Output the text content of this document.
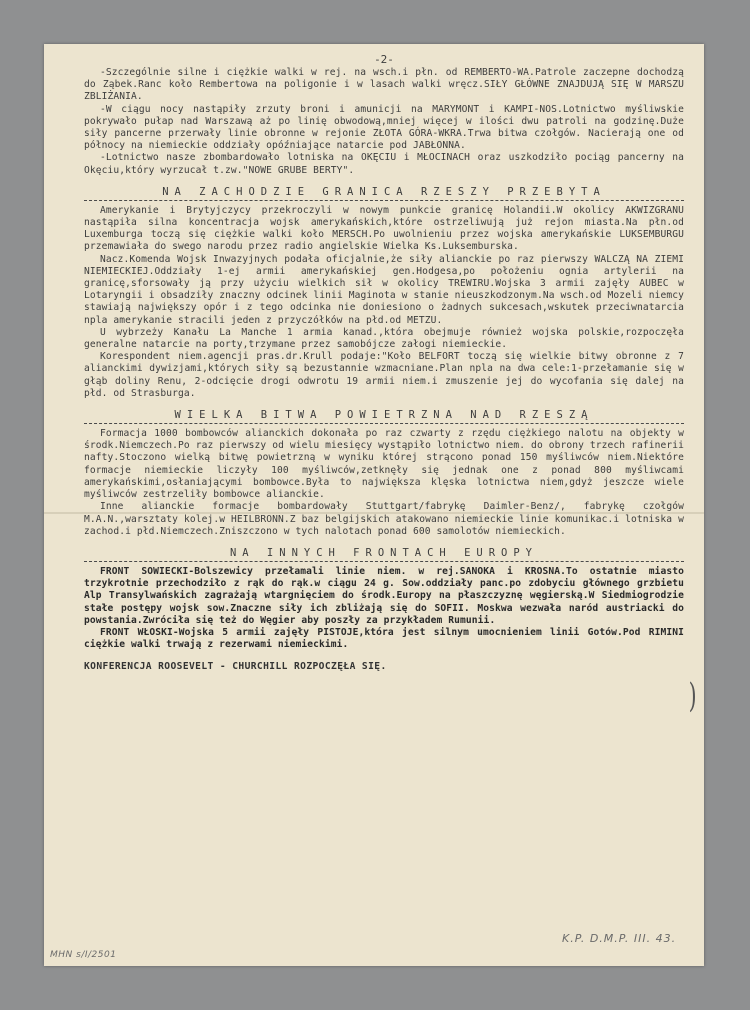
-2-

-Szczególnie silne i ciężkie walki w rej. na wsch.i płn. od REMBERTO-WA.Patrole zaczepne dochodzą do Ząbek.Ranc koło Rembertowa na poligonie i w lasach walki wręcz.SIŁY GŁÓWNE ZNAJDUJĄ SIĘ W MARSZU ZBLIŻANIA.

-W ciągu nocy nastąpiły zrzuty broni i amunicji na MARYMONT i KAMPI-NOS.Lotnictwo myśliwskie pokrywało pułap nad Warszawą aż po linię obwodową,mniej więcej w ilości dwu patroli na godzinę.Duże siły pancerne przerwały linie obronne w rejonie ZŁOTA GÓRA-WKRA.Trwa bitwa czołgów. Nacierają one od północy na niemieckie oddziały opóźniające natarcie pod JABŁONNA.

-Lotnictwo nasze zbombardowało lotniska na OKĘCIU i MŁOCINACH oraz uszkodziło pociąg pancerny na Okęciu,który wyrzucał t.zw."NOWE GRUBE BERTY".

NA ZACHODZIE GRANICA RZESZY PRZEBYTA

Amerykanie i Brytyjczycy przekroczyli w nowym punkcie granicę Holandii.W okolicy AKWIZGRANU nastąpiła silna koncentracja wojsk amerykańskich,które ostrzeliwują już rejon miasta.Na płn.od Luxemburga toczą się ciężkie walki koło MERSCH.Po uwolnieniu przez wojska amerykańskie LUKSEMBURGU przemawiała do swego narodu przez radio angielskie Wielka Ks.Luksemburska.

Nacz.Komenda Wojsk Inwazyjnych podała oficjalnie,że siły alianckie po raz pierwszy WALCZĄ NA ZIEMI NIEMIECKIEJ.Oddziały 1-ej armii amerykańskiej gen.Hodgesa,po położeniu ognia artylerii na granicę,sforsowały ją przy użyciu wielkich sił w okolicy TREWIRU.Wojska 3 armii zajęły AUBEC w Lotaryngii i obsadziły znaczny odcinek linii Maginota w stanie nieuszkodzonym.Na wsch.od Mozeli niemcy stawiają największy opór i z tego odcinka nie doniesiono o żadnych sukcesach,wskutek przeciwnatarcia npla amerykanie stracili jeden z przyczółków na płd.od METZU.

U wybrzeży Kanału La Manche 1 armia kanad.,która obejmuje również wojska polskie,rozpoczęła generalne natarcie na porty,trzymane przez samobójcze załogi niemieckie.

Korespondent niem.agencji pras.dr.Krull podaje:"Koło BELFORT toczą się wielkie bitwy obronne z 7 alianckimi dywizjami,których siły są bezustannie wzmacniane.Plan npla na dwa cele:1-przełamanie się w głąb doliny Renu, 2-odcięcie drogi odwrotu 19 armii niem.i zmuszenie jej do wycofania się dalej na płd. od Strasburga.

WIELKA BITWA POWIETRZNA NAD RZESZĄ

Formacja 1000 bombowców alianckich dokonała po raz czwarty z rzędu ciężkiego nalotu na objekty w środk.Niemczech.Po raz pierwszy od wielu miesięcy wystąpiło lotnictwo niem. do obrony trzech rafinerii nafty.Stoczono wielką bitwę powietrzną w wyniku której strącono ponad 150 myśliwców niem.Niektóre formacje niemieckie liczyły 100 myśliwców,zetknęły się jednak one z ponad 800 myśliwcami amerykańskimi,osłaniającymi bombowce.Była to największa klęska lotnictwa niem,gdyż jeszcze wiele myśliwców zestrzeliły bombowce alianckie.

Inne alianckie formacje bombardowały Stuttgart/fabrykę Daimler-Benz/, fabrykę czołgów M.A.N.,warsztaty kolej.w HEILBRONN.Z baz belgijskich atakowano niemieckie linie komunikac.i lotniska w zachod.i płd.Niemczech.Zniszczono w tych nalotach ponad 600 samolotów niemieckich.

NA INNYCH FRONTACH EUROPY

FRONT SOWIECKI-Bolszewicy przełamali linie niem. w rej.SANOKA i KROSNA.To ostatnie miasto trzykrotnie przechodziło z rąk do rąk.w ciągu 24 g. Sow.oddziały panc.po zdobyciu głównego grzbietu Alp Transylwańskich zagrażają wtargnięciem do środk.Europy na płaszczyznę węgierską.W Siedmiogrodzie stałe postępy wojsk sow.Znaczne siły ich zbliżają się do SOFII. Moskwa wezwała naród austriacki do powstania.Zwróciła się też do Węgier aby poszły za przykładem Rumunii.

FRONT WŁOSKI-Wojska 5 armii zajęły PISTOJE,która jest silnym umocnieniem linii Gotów.Pod RIMINI ciężkie walki trwają z rezerwami niemieckimi.

KONFERENCJA ROOSEVELT - CHURCHILL ROZPOCZĘŁA SIĘ.
)
MHN s/I/2501
K.P. D.M.P. III. 43.
